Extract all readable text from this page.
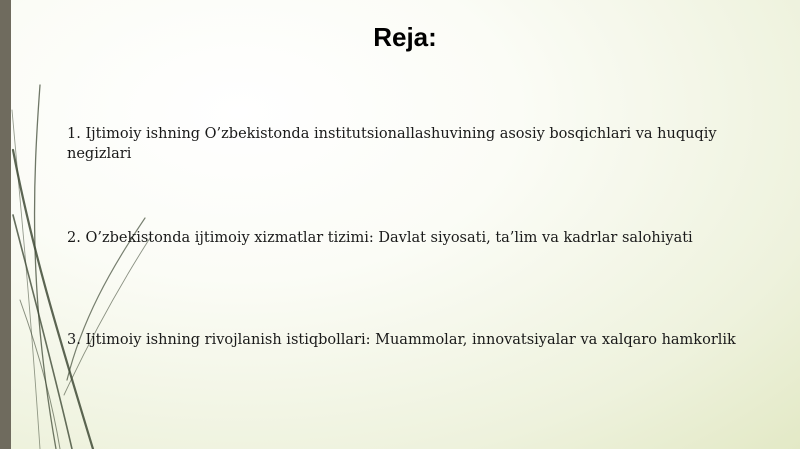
Reja:
1. Ijtimoiy ishning O’zbekistonda institutsionallashuvining asosiy bosqichlari va huquqiy negizlari
2. O’zbekistonda ijtimoiy xizmatlar tizimi: Davlat siyosati, ta’lim va kadrlar salohiyati
3. Ijtimoiy ishning rivojlanish istiqbollari: Muammolar, innovatsiyalar va xalqaro hamkorlik
